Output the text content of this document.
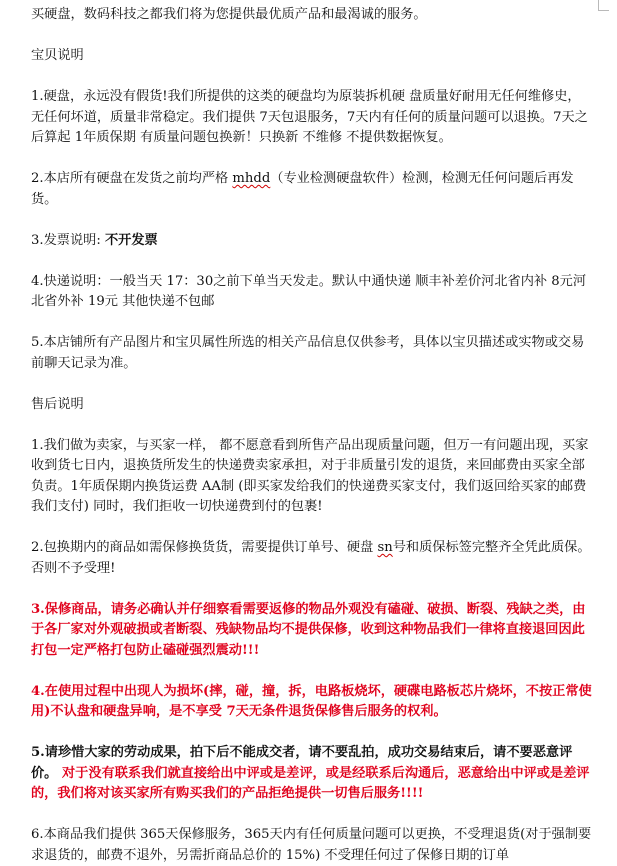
买硬盘，数码科技之都我们将为您提供最优质产品和最渴诚的服务。

宝贝说明

1.硬盘，永远没有假货!我们所提供的这类的硬盘均为原装拆机硬 盘质量好耐用无任何维修史，无任何坏道，质量非常稳定。我们提供 7天包退服务，7天内有任何的质量问题可以退换。7天之后算起 1年质保期 有质量问题包换新！只换新 不维修 不提供数据恢复。

2.本店所有硬盘在发货之前均严格 mhdd（专业检测硬盘软件）检测，检测无任何问题后再发货。

3.发票说明: 不开发票

4.快递说明：一般当天 17：30之前下单当天发走。默认中通快递 顺丰补差价河北省内补 8元河北省外补 19元 其他快递不包邮

5.本店铺所有产品图片和宝贝属性所选的相关产品信息仅供参考，具体以宝贝描述或实物或交易前聊天记录为准。

售后说明

1.我们做为卖家，与买家一样， 都不愿意看到所售产品出现质量问题，但万一有问题出现，买家收到货七日内，退换货所发生的快递费卖家承担，对于非质量引发的退货，来回邮费由买家全部负责。1年质保期内换货运费 AA制 (即买家发给我们的快递费买家支付，我们返回给买家的邮费我们支付) 同时，我们拒收一切快递费到付的包裹!

2.包换期内的商品如需保修换货货，需要提供订单号、硬盘 sn号和质保标签完整齐全凭此质保。否则不予受理!

3.保修商品，请务必确认并仔细察看需要返修的物品外观没有磕碰、破损、断裂、残缺之类，由于各厂家对外观破损或者断裂、残缺物品均不提供保修，收到这种物品我们一律将直接退回因此打包一定严格打包防止磕碰强烈震动!!!

4.在使用过程中出现人为损坏(摔，碰，撞，拆，电路板烧坏，硬碟电路板芯片烧坏，不按正常使用)不认盘和硬盘异响，是不享受 7天无条件退货保修售后服务的权利。

5.请珍惜大家的劳动成果，拍下后不能成交者，请不要乱拍，成功交易结束后，请不要恶意评价。 对于没有联系我们就直接给出中评或是差评，或是经联系后沟通后，恶意给出中评或是差评的，我们将对该买家所有购买我们的产品拒绝提供一切售后服务!!!!

6.本商品我们提供 365天保修服务，365天内有任何质量问题可以更换，不受理退货(对于强制要求退货的，邮费不退外，另需折商品总价的 15%) 不受理任何过了保修日期的订单
